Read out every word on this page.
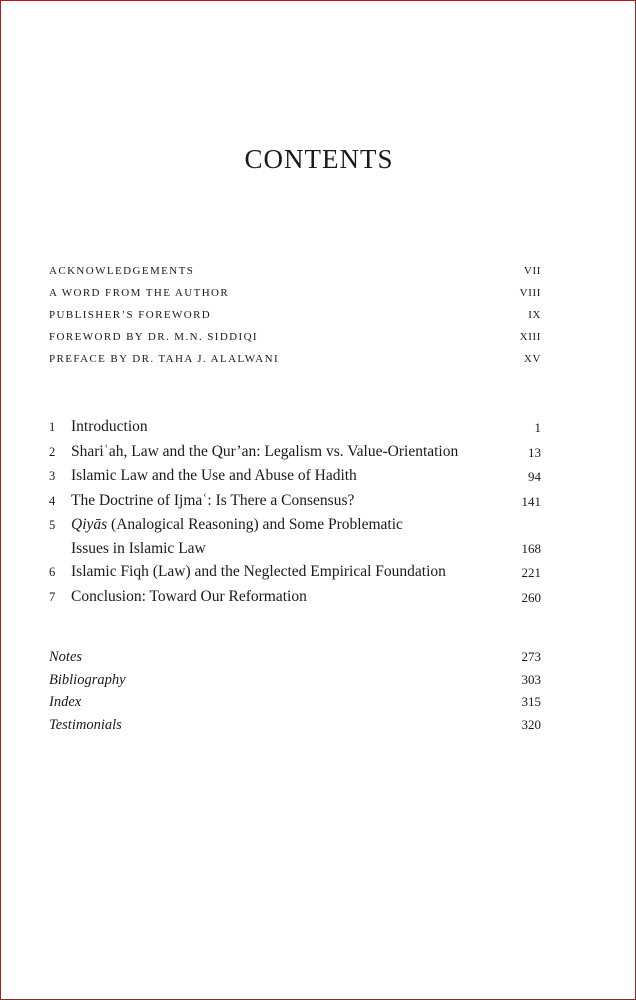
CONTENTS
ACKNOWLEDGEMENTS	VII
A WORD FROM THE AUTHOR	VIII
PUBLISHER’S FOREWORD	IX
FOREWORD BY DR. M.N. SIDDIQI	XIII
PREFACE BY DR. TAHA J. ALALWANI	XV
1	Introduction	1
2	Shariʿah, Law and the Qur’an: Legalism vs. Value-Orientation	13
3	Islamic Law and the Use and Abuse of Hadith	94
4	The Doctrine of Ijmaʿ: Is There a Consensus?	141
5	Qiyās (Analogical Reasoning) and Some Problematic
Issues in Islamic Law	168
6	Islamic Fiqh (Law) and the Neglected Empirical Foundation	221
7	Conclusion: Toward Our Reformation	260
Notes	273
Bibliography	303
Index	315
Testimonials	320
